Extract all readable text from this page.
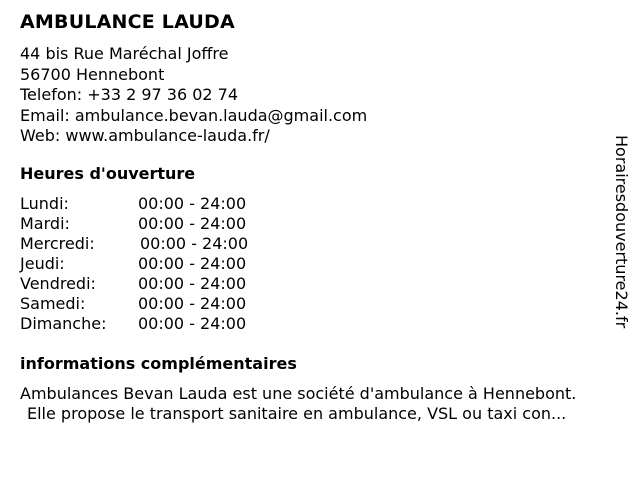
AMBULANCE LAUDA
44 bis Rue Maréchal Joffre
56700 Hennebont
Telefon: +33 2 97 36 02 74
Email: ambulance.bevan.lauda@gmail.com
Web: www.ambulance-lauda.fr/
Heures d'ouverture
Lundi:	00:00 - 24:00
Mardi:	00:00 - 24:00
Mercredi:	00:00 - 24:00
Jeudi:	00:00 - 24:00
Vendredi:	00:00 - 24:00
Samedi:	00:00 - 24:00
Dimanche: 00:00 - 24:00
informations complémentaires
Ambulances Bevan Lauda est une société d'ambulance à Hennebont.
Elle propose le transport sanitaire en ambulance, VSL ou taxi con...
Horairesdouverture24.fr
